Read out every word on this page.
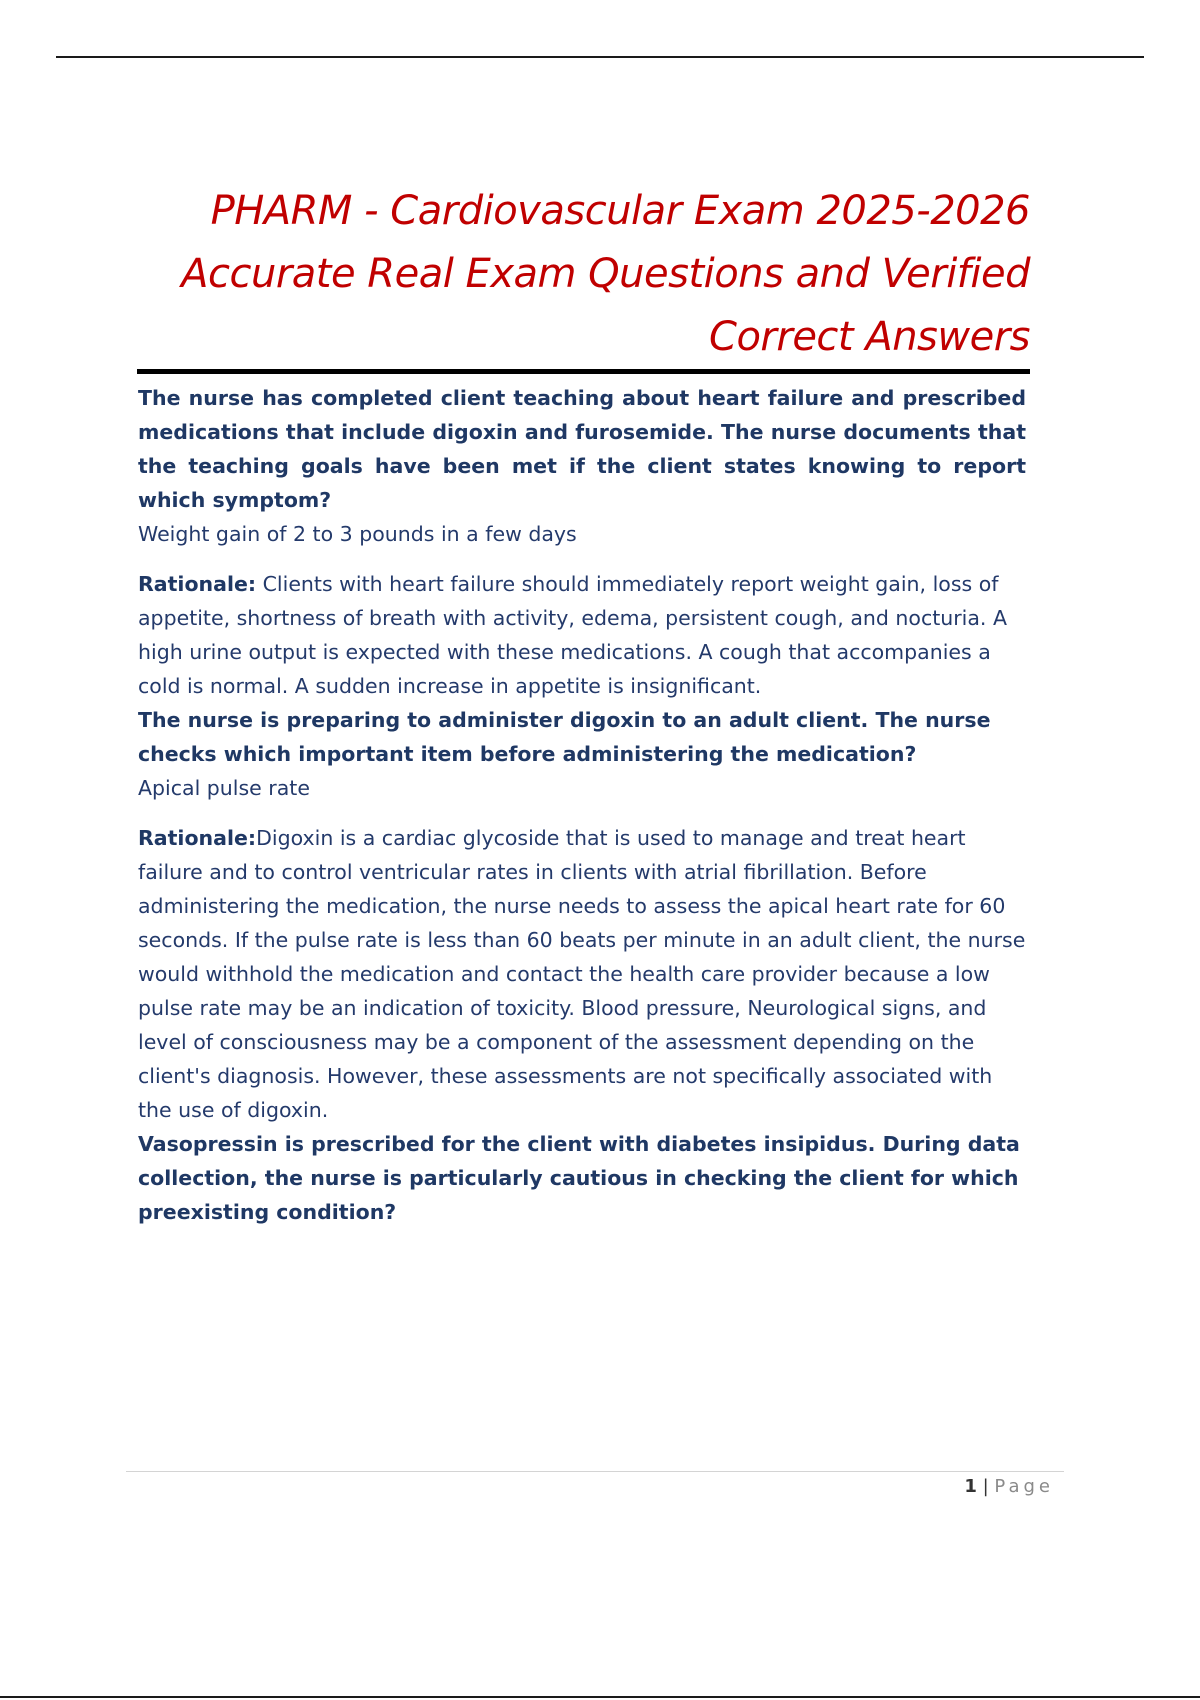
PHARM - Cardiovascular Exam 2025-2026
Accurate Real Exam Questions and Verified
Correct Answers

The nurse has completed client teaching about heart failure and prescribed medications that include digoxin and furosemide. The nurse documents that the teaching goals have been met if the client states knowing to report which symptom?

Weight gain of 2 to 3 pounds in a few days

Rationale: Clients with heart failure should immediately report weight gain, loss of appetite, shortness of breath with activity, edema, persistent cough, and nocturia. A high urine output is expected with these medications. A cough that accompanies a cold is normal. A sudden increase in appetite is insignificant.

The nurse is preparing to administer digoxin to an adult client. The nurse checks which important item before administering the medication?

Apical pulse rate

Rationale:Digoxin is a cardiac glycoside that is used to manage and treat heart failure and to control ventricular rates in clients with atrial fibrillation. Before administering the medication, the nurse needs to assess the apical heart rate for 60 seconds. If the pulse rate is less than 60 beats per minute in an adult client, the nurse would withhold the medication and contact the health care provider because a low pulse rate may be an indication of toxicity. Blood pressure, Neurological signs, and level of consciousness may be a component of the assessment depending on the client's diagnosis. However, these assessments are not specifically associated with the use of digoxin.

Vasopressin is prescribed for the client with diabetes insipidus. During data collection, the nurse is particularly cautious in checking the client for which preexisting condition?

1 | Page
